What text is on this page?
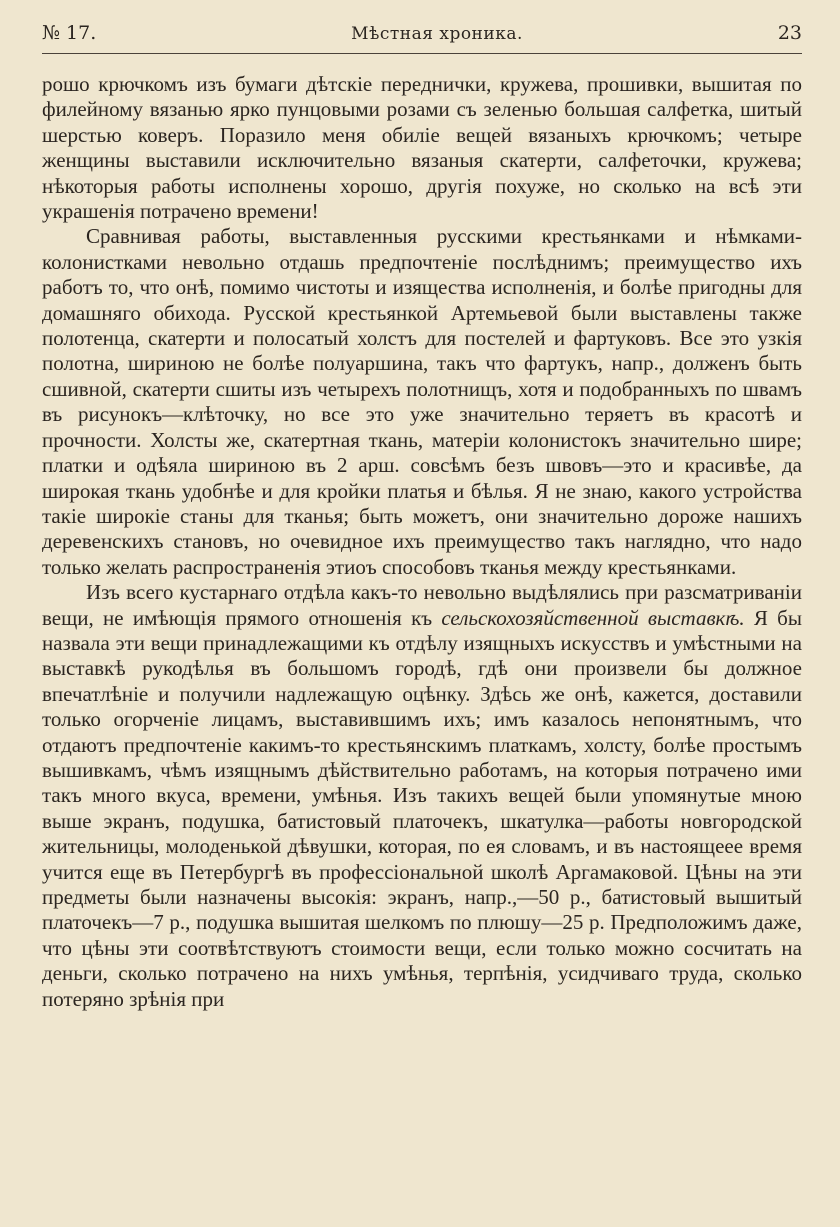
№ 17.	Мѣстная хроника.	23

рошо крючкомъ изъ бумаги дѣтскіе переднички, кружева, прошивки, вышитая по филейному вязанью ярко пунцовыми розами съ зеленью большая салфетка, шитый шерстью коверъ. Поразило меня обиліе вещей вязаныхъ крючкомъ; четыре женщины выставили исключительно вязаныя скатерти, салфеточки, кружева; нѣкоторыя работы исполнены хорошо, другія похуже, но сколько на всѣ эти украшенія потрачено времени!

Сравнивая работы, выставленныя русскими крестьянками и нѣмками-колонистками невольно отдашь предпочтеніе послѣднимъ; преимущество ихъ работъ то, что онѣ, помимо чистоты и изящества исполненія, и болѣе пригодны для домашняго обихода. Русской крестьянкой Артемьевой были выставлены также полотенца, скатерти и полосатый холстъ для постелей и фартуковъ. Все это узкія полотна, шириною не болѣе полуаршина, такъ что фартукъ, напр., долженъ быть сшивной, скатерти сшиты изъ четырехъ полотнищъ, хотя и подобранныхъ по швамъ въ рисунокъ—клѣточку, но все это уже значительно теряетъ въ красотѣ и прочности. Холсты же, скатертная ткань, матеріи колонистокъ значительно шире; платки и одѣяла шириною въ 2 арш. совсѣмъ безъ швовъ—это и красивѣе, да широкая ткань удобнѣе и для кройки платья и бѣлья. Я не знаю, какого устройства такіе широкіе станы для тканья; быть можетъ, они значительно дороже нашихъ деревенскихъ становъ, но очевидное ихъ преимущество такъ наглядно, что надо только желать распространенія этиоъ способовъ тканья между крестьянками.

Изъ всего кустарнаго отдѣла какъ-то невольно выдѣлялись при разсматриваніи вещи, не имѣющія прямого отношенія къ сельскохозяйственной выставкѣ. Я бы назвала эти вещи принадлежащими къ отдѣлу изящныхъ искусствъ и умѣстными на выставкѣ рукодѣлья въ большомъ городѣ, гдѣ они произвели бы должное впечатлѣніе и получили надлежащую оцѣнку. Здѣсь же онѣ, кажется, доставили только огорченіе лицамъ, выставившимъ ихъ; имъ казалось непонятнымъ, что отдаютъ предпочтеніе какимъ-то крестьянскимъ платкамъ, холсту, болѣе простымъ вышивкамъ, чѣмъ изящнымъ дѣйствительно работамъ, на которыя потрачено ими такъ много вкуса, времени, умѣнья. Изъ такихъ вещей были упомянутые мною выше экранъ, подушка, батистовый платочекъ, шкатулка—работы новгородской жительницы, молоденькой дѣвушки, которая, по ея словамъ, и въ настоящеее время учится еще въ Петербургѣ въ профессіональной школѣ Аргамаковой. Цѣны на эти предметы были назначены высокія: экранъ, напр.,—50 р., батистовый вышитый платочекъ—7 р., подушка вышитая шелкомъ по плюшу—25 р. Предположимъ даже, что цѣны эти соотвѣтствуютъ стоимости вещи, если только можно сосчитать на деньги, сколько потрачено на нихъ умѣнья, терпѣнія, усидчиваго труда, сколько потеряно зрѣнія при
